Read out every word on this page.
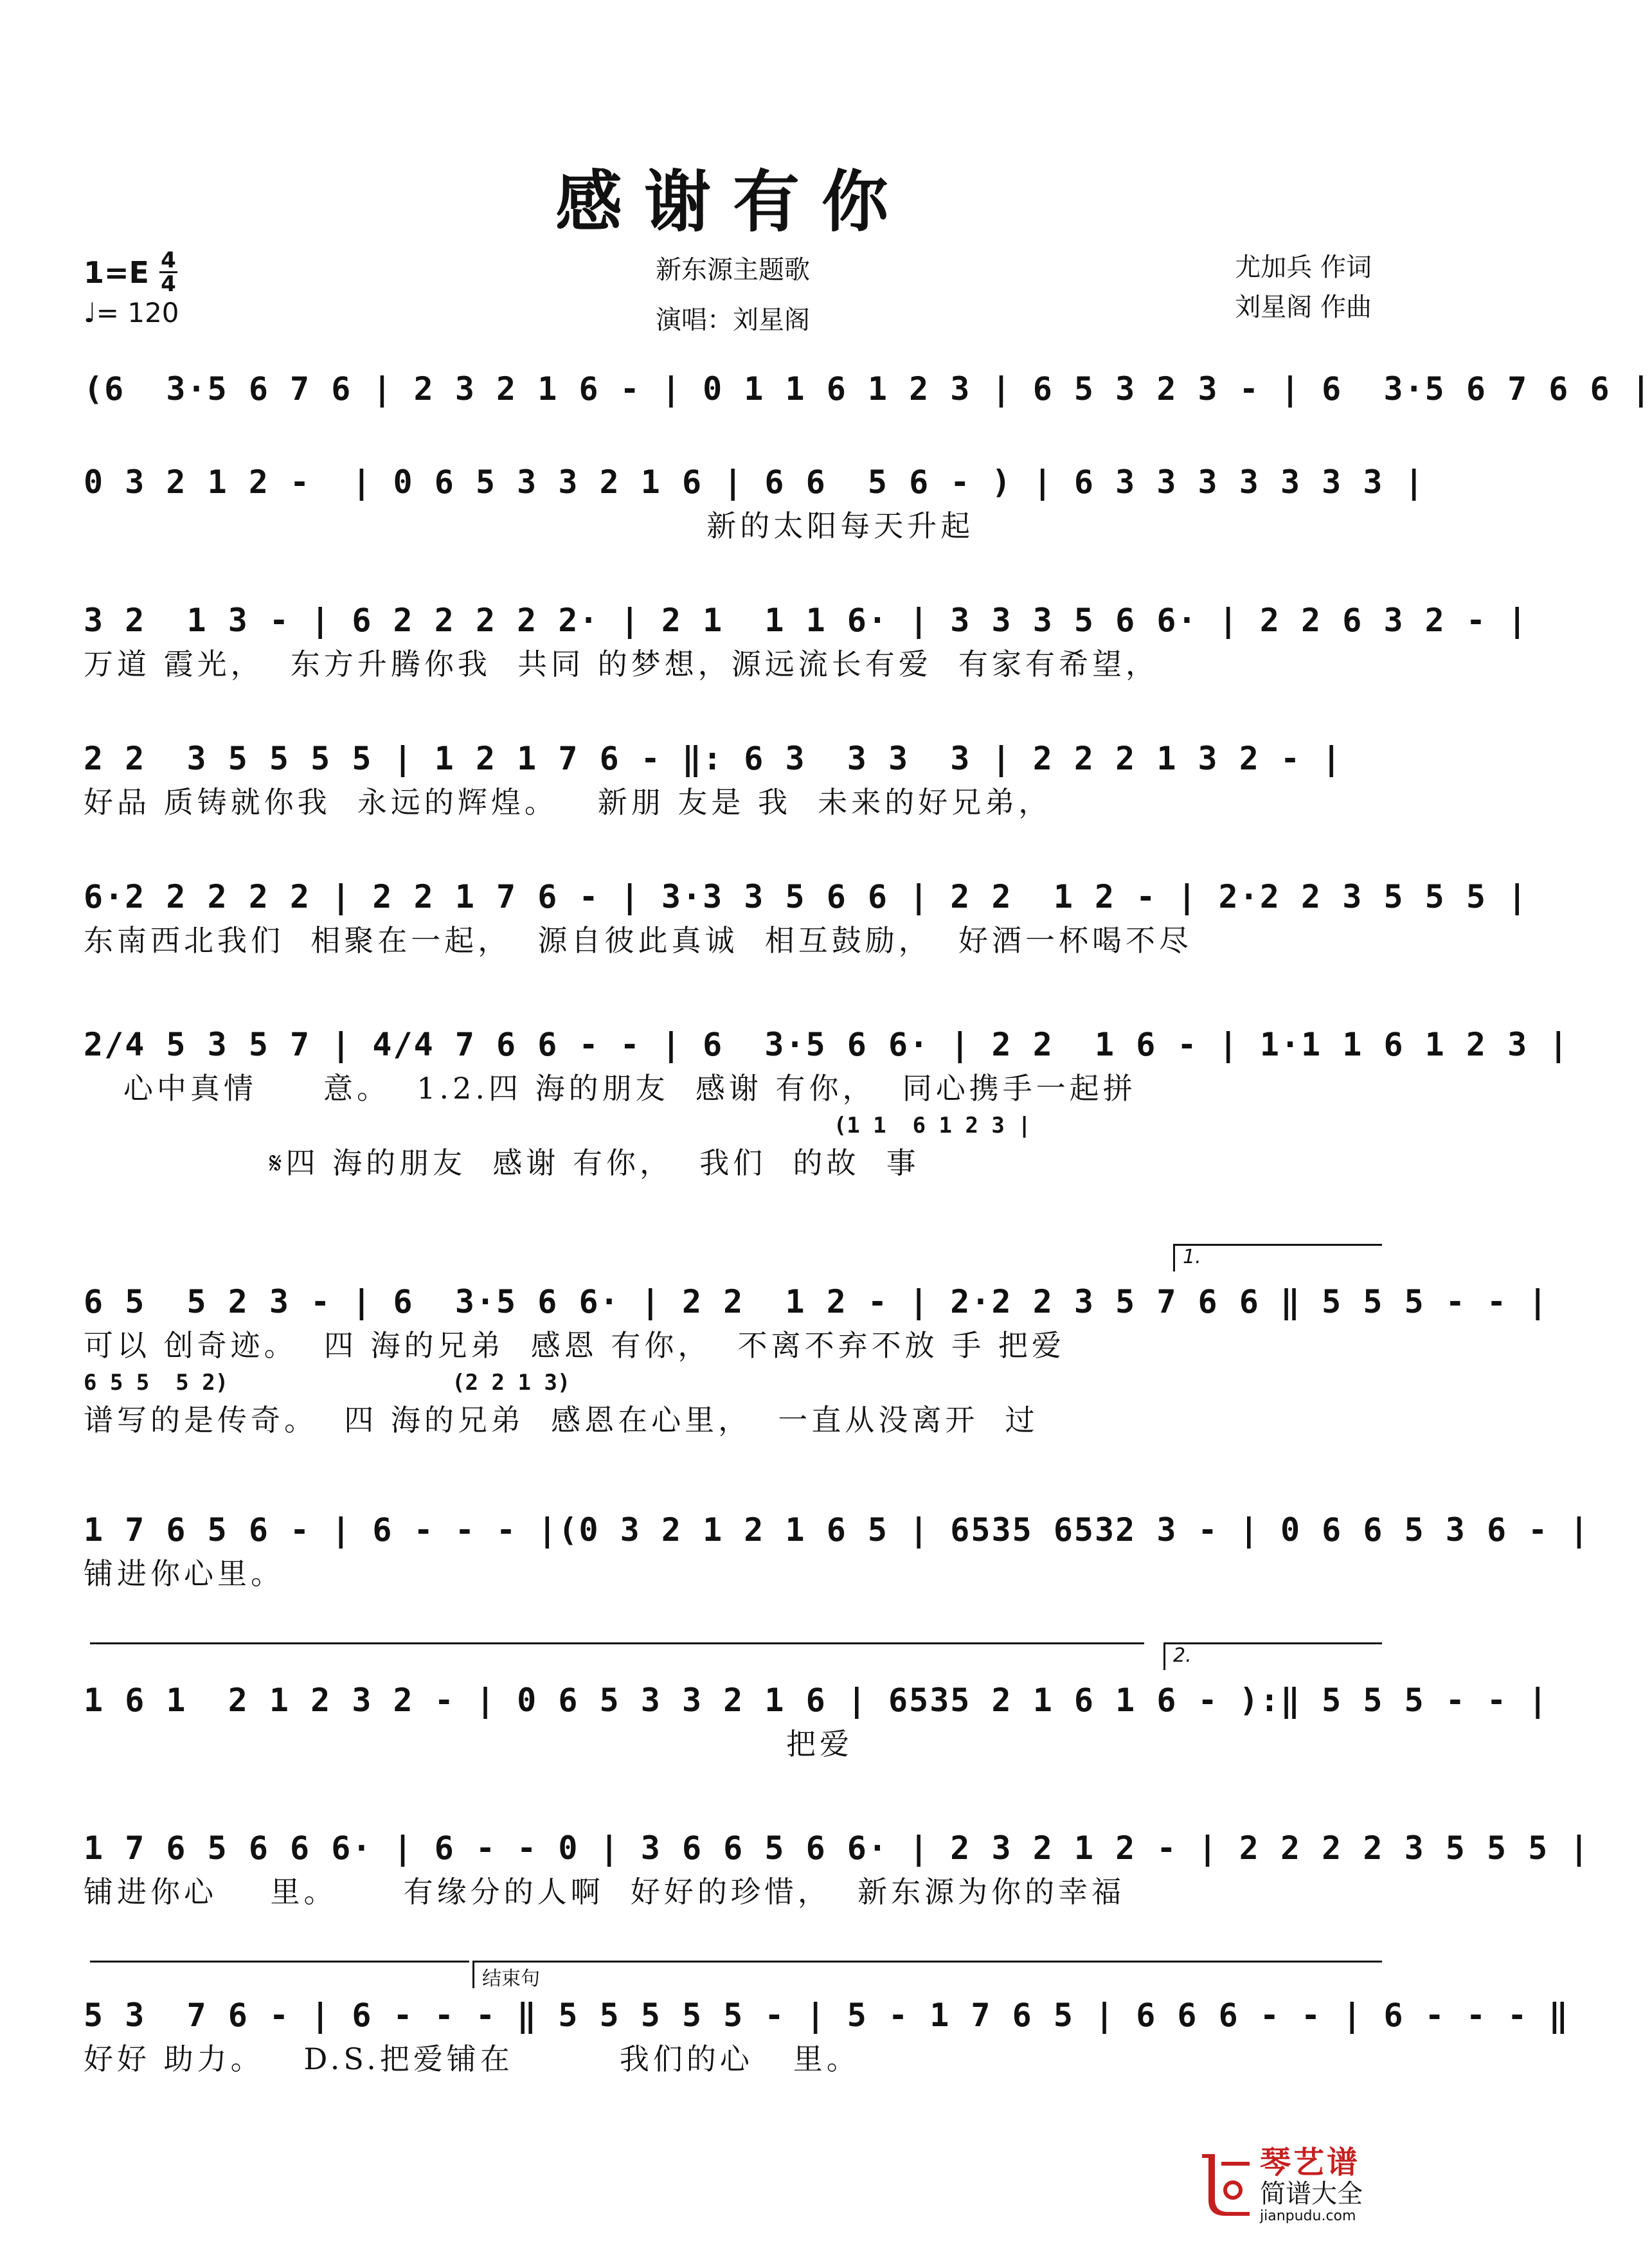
感谢有你
新东源主题歌
演唱：刘星阁
1=E 4
4
♩= 120
尤加兵 作词
刘星阁 作曲
(6  3·5 6 7 6 | 2 3 2 1 6 - | 0 1 1 6 1 2 3 | 6 5 3 2 3 - | 6  3·5 6 7 6 6 |
0 3 2 1 2 -  | 0 6 5 3 3 2 1 6 | 6 6  5 6 - ) | 6 3 3 3 3 3 3 3 |
新的太阳每天升起
3 2  1 3 - | 6 2 2 2 2 2· | 2 1  1 1 6· | 3 3 3 5 6 6· | 2 2 6 3 2 - |
万道 霞光，  东方升腾你我  共同 的梦想，源远流长有爱  有家有希望，
2 2  3 5 5 5 5 | 1 2 1 7 6 - ‖: 6 3  3 3  3 | 2 2 2 1 3 2 - |
好品 质铸就你我  永远的辉煌。   新朋 友是 我  未来的好兄弟，
6·2 2 2 2 2 | 2 2 1 7 6 - | 3·3 3 5 6 6 | 2 2  1 2 - | 2·2 2 3 5 5 5 |
东南西北我们  相聚在一起，  源自彼此真诚  相互鼓励，  好酒一杯喝不尽
2/4 5 3 5 7 | 4/4 7 6 6 - - | 6  3·5 6 6· | 2 2  1 6 - | 1·1 1 6 1 2 3 |
心中真情     意。  1.2.四 海的朋友  感谢 有你，  同心携手一起拼
(1 1  6 1 2 3 |
𝄋四 海的朋友  感谢 有你，  我们  的故  事
1.
6 5  5 2 3 - | 6  3·5 6 6· | 2 2  1 2 - | 2·2 2 3 5 7 6 6 ‖ 5 5 5 - - |
可以 创奇迹。  四 海的兄弟  感恩 有你，  不离不弃不放 手 把爱
6 5 5  5 2)                 (2 2 1 3)
谱写的是传奇。  四 海的兄弟  感恩在心里，  一直从没离开  过
1 7 6 5 6 - | 6 - - - |(0 3 2 1 2 1 6 5 | 6535 6532 3 - | 0 6 6 5 3 6 - |
铺进你心里。
2.
1 6 1  2 1 2 3 2 - | 0 6 5 3 3 2 1 6 | 6535 2 1 6 1 6 - ):‖ 5 5 5 - - |
把爱
1 7 6 5 6 6 6· | 6 - - 0 | 3 6 6 5 6 6· | 2 3 2 1 2 - | 2 2 2 2 3 5 5 5 |
铺进你心    里。     有缘分的人啊  好好的珍惜，  新东源为你的幸福
结束句
5 3  7 6 - | 6 - - - ‖ 5 5 5 5 5 - | 5 - 1 7 6 5 | 6 6 6 - - | 6 - - - ‖
好好 助力。   D.S.把爱铺在        我们的心   里。
琴艺谱
简谱大全
jianpudu.com
